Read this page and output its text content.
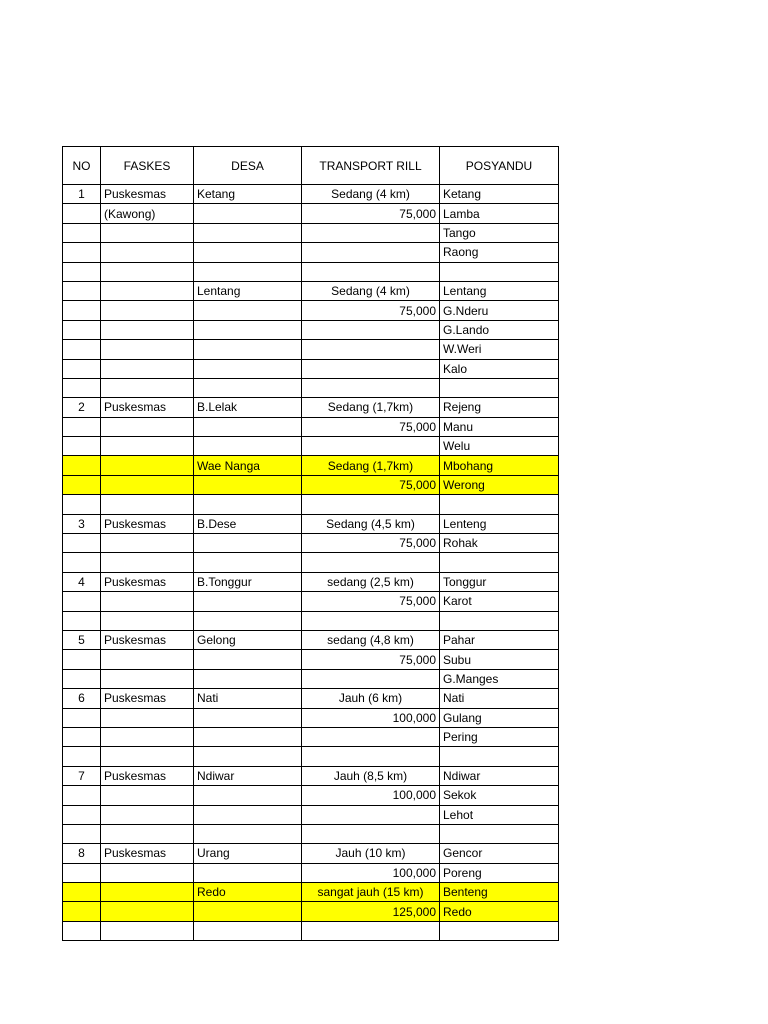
NO	FASKES	DESA	TRANSPORT RILL	POSYANDU
1	Puskesmas	Ketang	Sedang (4 km)	Ketang
	(Kawong)		75,000	Lamba
				Tango
				Raong

		Lentang	Sedang (4 km)	Lentang
			75,000	G.Nderu
				G.Lando
				W.Weri
				Kalo

2	Puskesmas	B.Lelak	Sedang (1,7km)	Rejeng
			75,000	Manu
				Welu
		Wae Nanga	Sedang (1,7km)	Mbohang
			75,000	Werong

3	Puskesmas	B.Dese	Sedang (4,5 km)	Lenteng
			75,000	Rohak

4	Puskesmas	B.Tonggur	sedang (2,5 km)	Tonggur
			75,000	Karot

5	Puskesmas	Gelong	sedang (4,8 km)	Pahar
			75,000	Subu
				G.Manges
6	Puskesmas	Nati	Jauh (6 km)	Nati
			100,000	Gulang
				Pering

7	Puskesmas	Ndiwar	Jauh (8,5 km)	Ndiwar
			100,000	Sekok
				Lehot

8	Puskesmas	Urang	Jauh (10 km)	Gencor
			100,000	Poreng
		Redo	sangat jauh (15 km)	Benteng
			125,000	Redo
